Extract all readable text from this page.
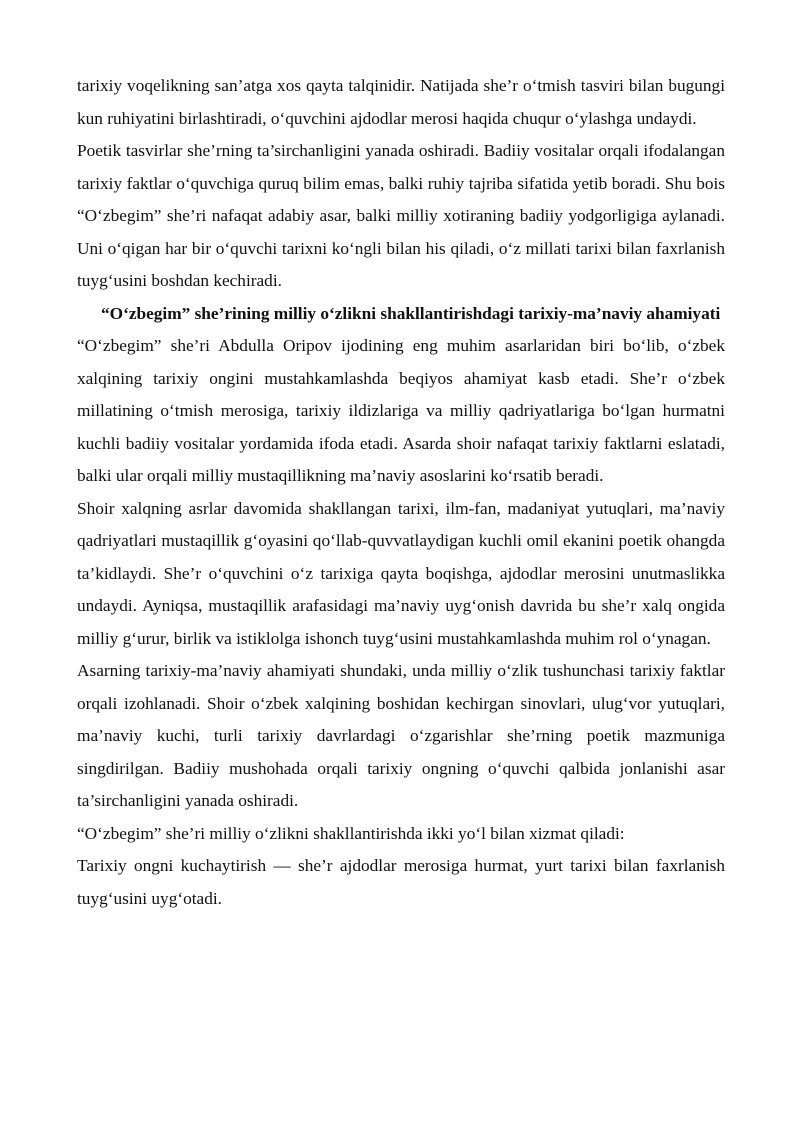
tarixiy voqelikning san’atga xos qayta talqinidir. Natijada she’r o‘tmish tasviri bilan bugungi kun ruhiyatini birlashtiradi, o‘quvchini ajdodlar merosi haqida chuqur o‘ylashga undaydi.

Poetik tasvirlar she’rning ta’sirchanligini yanada oshiradi. Badiiy vositalar orqali ifodalangan tarixiy faktlar o‘quvchiga quruq bilim emas, balki ruhiy tajriba sifatida yetib boradi. Shu bois “O‘zbegim” she’ri nafaqat adabiy asar, balki milliy xotiraning badiiy yodgorligiga aylanadi. Uni o‘qigan har bir o‘quvchi tarixni ko‘ngli bilan his qiladi, o‘z millati tarixi bilan faxrlanish tuyg‘usini boshdan kechiradi.

“O‘zbegim” she’rining milliy o‘zlikni shakllantirishdagi tarixiy-ma’naviy ahamiyati

“O‘zbegim” she’ri Abdulla Oripov ijodining eng muhim asarlaridan biri bo‘lib, o‘zbek xalqining tarixiy ongini mustahkamlashda beqiyos ahamiyat kasb etadi. She’r o‘zbek millatining o‘tmish merosiga, tarixiy ildizlariga va milliy qadriyatlariga bo‘lgan hurmatni kuchli badiiy vositalar yordamida ifoda etadi. Asarda shoir nafaqat tarixiy faktlarni eslatadi, balki ular orqali milliy mustaqillikning ma’naviy asoslarini ko‘rsatib beradi.

Shoir xalqning asrlar davomida shakllangan tarixi, ilm-fan, madaniyat yutuqlari, ma’naviy qadriyatlari mustaqillik g‘oyasini qo‘llab-quvvatlaydigan kuchli omil ekanini poetik ohangda ta’kidlaydi. She’r o‘quvchini o‘z tarixiga qayta boqishga, ajdodlar merosini unutmaslikka undaydi. Ayniqsa, mustaqillik arafasidagi ma’naviy uyg‘onish davrida bu she’r xalq ongida milliy g‘urur, birlik va istiklolga ishonch tuyg‘usini mustahkamlashda muhim rol o‘ynagan.

Asarning tarixiy-ma’naviy ahamiyati shundaki, unda milliy o‘zlik tushunchasi tarixiy faktlar orqali izohlanadi. Shoir o‘zbek xalqining boshidan kechirgan sinovlari, ulug‘vor yutuqlari, ma’naviy kuchi, turli tarixiy davrlardagi o‘zgarishlar she’rning poetik mazmuniga singdirilgan. Badiiy mushohada orqali tarixiy ongning o‘quvchi qalbida jonlanishi asar ta’sirchanligini yanada oshiradi.

“O‘zbegim” she’ri milliy o‘zlikni shakllantirishda ikki yo‘l bilan xizmat qiladi:

Tarixiy ongni kuchaytirish — she’r ajdodlar merosiga hurmat, yurt tarixi bilan faxrlanish tuyg‘usini uyg‘otadi.
